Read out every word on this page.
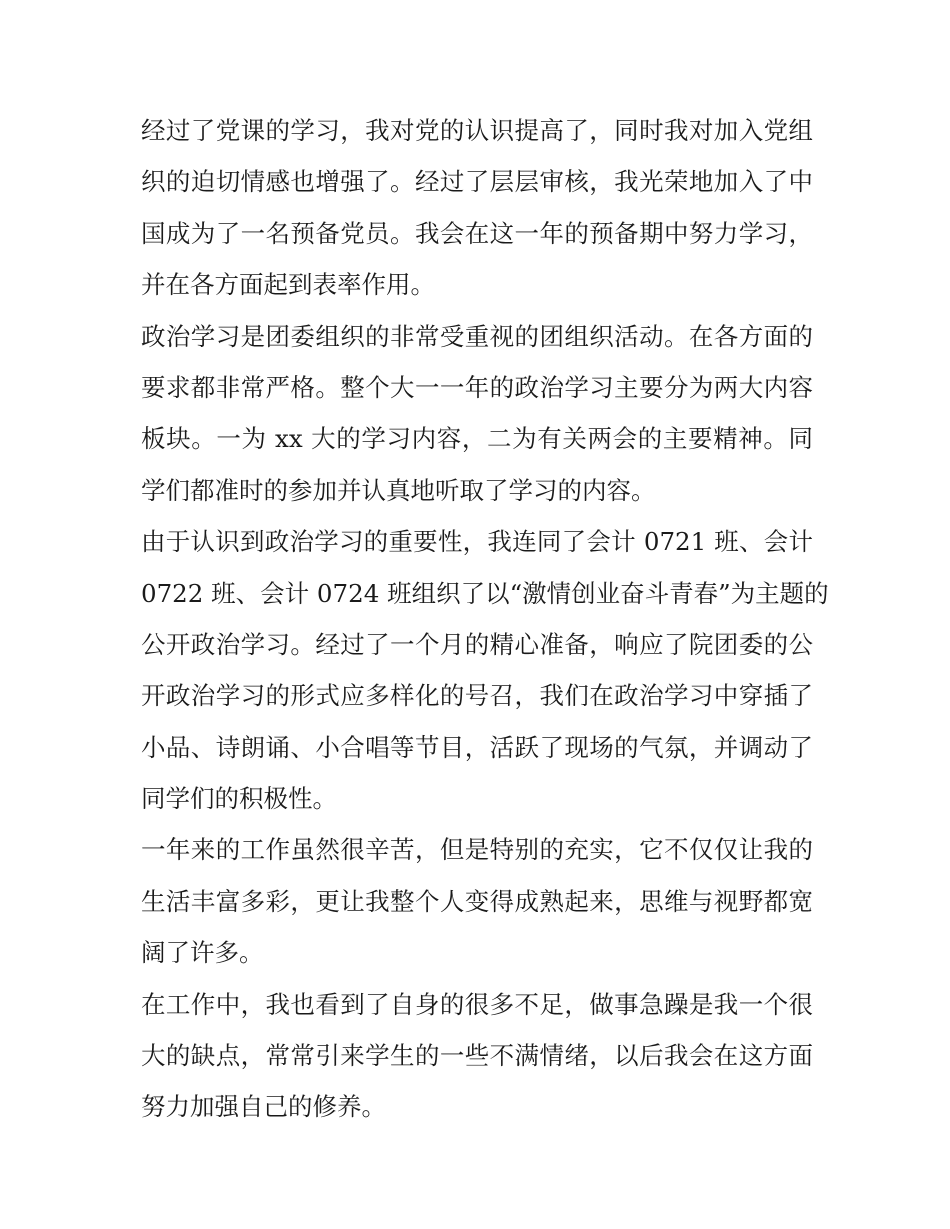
经过了党课的学习，我对党的认识提高了，同时我对加入党组
织的迫切情感也增强了。经过了层层审核，我光荣地加入了中
国成为了一名预备党员。我会在这一年的预备期中努力学习，
并在各方面起到表率作用。
政治学习是团委组织的非常受重视的团组织活动。在各方面的
要求都非常严格。整个大一一年的政治学习主要分为两大内容
板块。一为 xx 大的学习内容，二为有关两会的主要精神。同
学们都准时的参加并认真地听取了学习的内容。
由于认识到政治学习的重要性，我连同了会计 0721 班、会计
0722 班、会计 0724 班组织了以“激情创业奋斗青春”为主题的
公开政治学习。经过了一个月的精心准备，响应了院团委的公
开政治学习的形式应多样化的号召，我们在政治学习中穿插了
小品、诗朗诵、小合唱等节目，活跃了现场的气氛，并调动了
同学们的积极性。
一年来的工作虽然很辛苦，但是特别的充实，它不仅仅让我的
生活丰富多彩，更让我整个人变得成熟起来，思维与视野都宽
阔了许多。
在工作中，我也看到了自身的很多不足，做事急躁是我一个很
大的缺点，常常引来学生的一些不满情绪，以后我会在这方面
努力加强自己的修养。
